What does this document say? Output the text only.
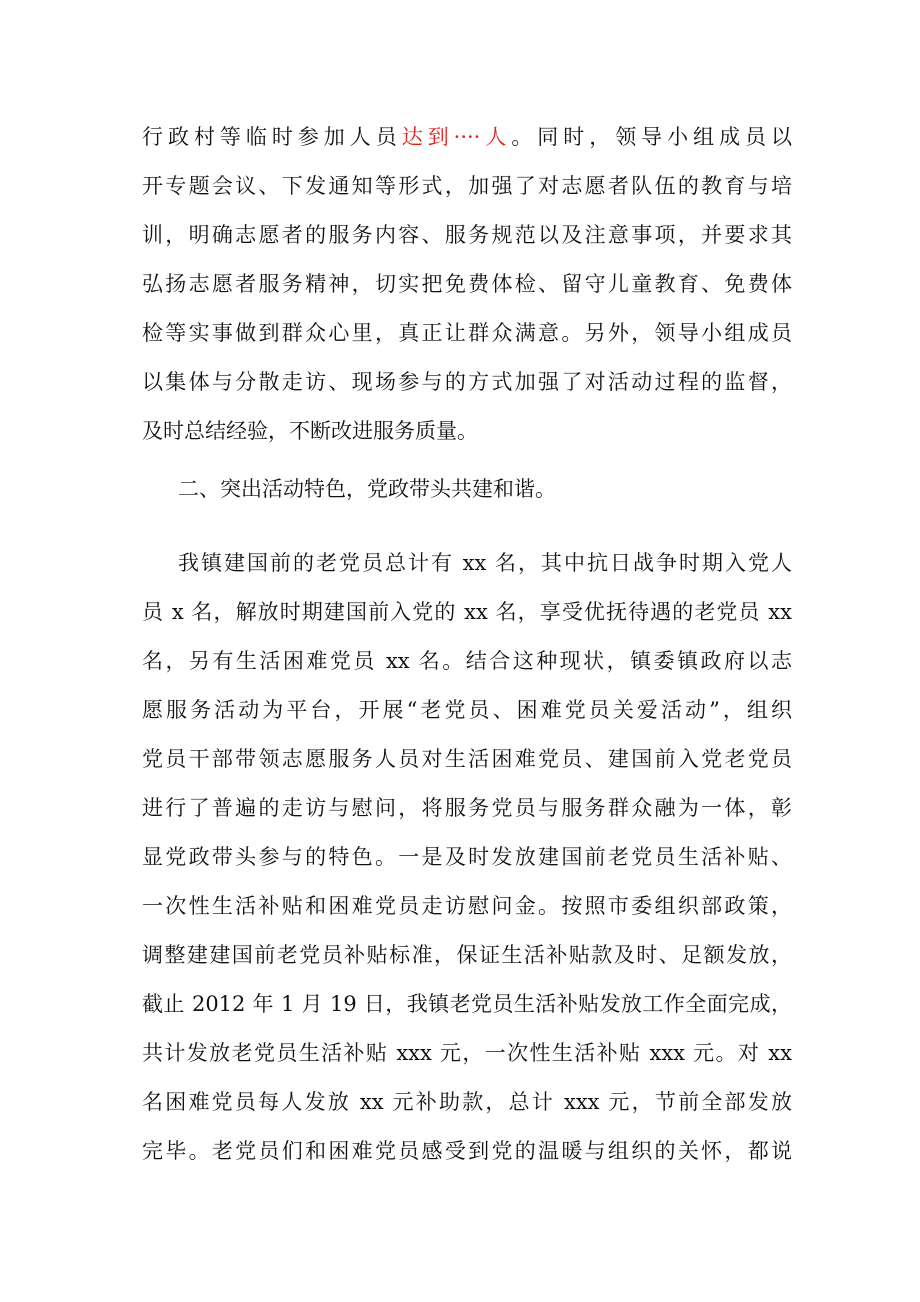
行政村等临时参加人员达到····人。同时，领导小组成员以
开专题会议、下发通知等形式，加强了对志愿者队伍的教育与培
训，明确志愿者的服务内容、服务规范以及注意事项，并要求其
弘扬志愿者服务精神，切实把免费体检、留守儿童教育、免费体
检等实事做到群众心里，真正让群众满意。另外，领导小组成员
以集体与分散走访、现场参与的方式加强了对活动过程的监督，
及时总结经验，不断改进服务质量。
二、突出活动特色，党政带头共建和谐。
我镇建国前的老党员总计有 xx 名，其中抗日战争时期入党人
员 x 名，解放时期建国前入党的 xx 名，享受优抚待遇的老党员 xx
名，另有生活困难党员 xx 名。结合这种现状，镇委镇政府以志
愿服务活动为平台，开展“老党员、困难党员关爱活动”，组织
党员干部带领志愿服务人员对生活困难党员、建国前入党老党员
进行了普遍的走访与慰问，将服务党员与服务群众融为一体，彰
显党政带头参与的特色。一是及时发放建国前老党员生活补贴、
一次性生活补贴和困难党员走访慰问金。按照市委组织部政策，
调整建建国前老党员补贴标准，保证生活补贴款及时、足额发放，
截止 2012 年 1 月 19 日，我镇老党员生活补贴发放工作全面完成，
共计发放老党员生活补贴 xxx 元，一次性生活补贴 xxx 元。对 xx
名困难党员每人发放 xx 元补助款，总计 xxx 元，节前全部发放
完毕。老党员们和困难党员感受到党的温暖与组织的关怀，都说
